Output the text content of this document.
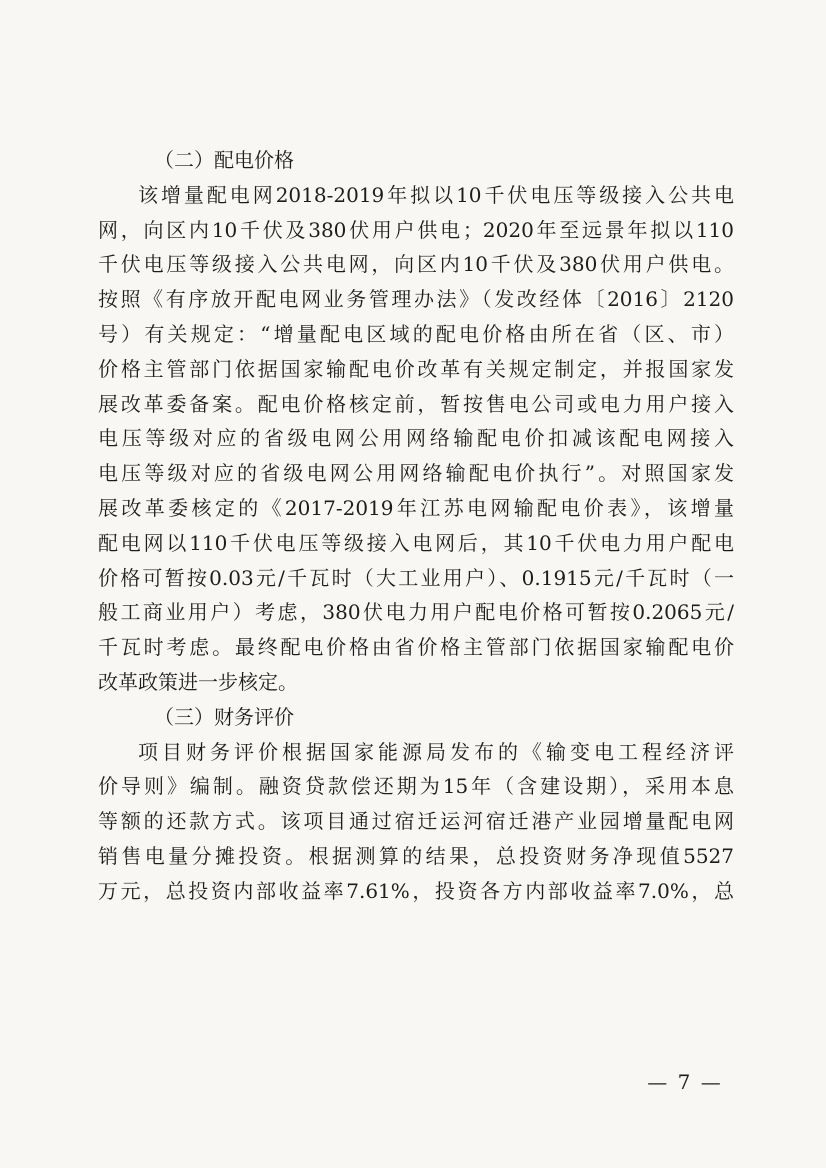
（二）配电价格
该增量配电网2018-2019年拟以10千伏电压等级接入公共电
网，向区内10千伏及380伏用户供电；2020年至远景年拟以110
千伏电压等级接入公共电网，向区内10千伏及380伏用户供电。
按照《有序放开配电网业务管理办法》（发改经体〔2016〕2120
号）有关规定：“增量配电区域的配电价格由所在省（区、市）
价格主管部门依据国家输配电价改革有关规定制定，并报国家发
展改革委备案。配电价格核定前，暂按售电公司或电力用户接入
电压等级对应的省级电网公用网络输配电价扣减该配电网接入
电压等级对应的省级电网公用网络输配电价执行”。对照国家发
展改革委核定的《2017-2019年江苏电网输配电价表》，该增量
配电网以110千伏电压等级接入电网后，其10千伏电力用户配电
价格可暂按0.03元/千瓦时（大工业用户）、0.1915元/千瓦时（一
般工商业用户）考虑，380伏电力用户配电价格可暂按0.2065元/
千瓦时考虑。最终配电价格由省价格主管部门依据国家输配电价
改革政策进一步核定。
（三）财务评价
项目财务评价根据国家能源局发布的《输变电工程经济评
价导则》编制。融资贷款偿还期为15年（含建设期），采用本息
等额的还款方式。该项目通过宿迁运河宿迁港产业园增量配电网
销售电量分摊投资。根据测算的结果，总投资财务净现值5527
万元，总投资内部收益率7.61%，投资各方内部收益率7.0%，总
— 7 —
